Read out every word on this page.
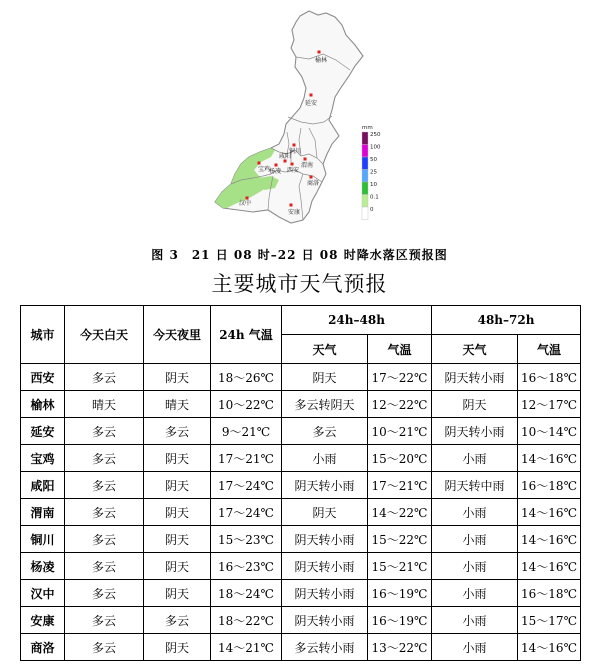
榆林
延安
铜川
宝鸡
咸阳
杨凌 西安
渭南
商洛
汉中
安康
mm
250
100
50
25
10
0.1
0
图 3　21 日 08 时–22 日 08 时降水落区预报图
主要城市天气预报
城市	今天白天	今天夜里	24h 气温	24h–48h		48h–72h	
				天气	气温	天气	气温
西安	多云	阴天	18～26℃	阴天	17～22℃	阴天转小雨	16～18℃
榆林	晴天	晴天	10～22℃	多云转阴天	12～22℃	阴天	12～17℃
延安	多云	多云	9～21℃	多云	10～21℃	阴天转小雨	10～14℃
宝鸡	多云	阴天	17～21℃	小雨	15～20℃	小雨	14～16℃
咸阳	多云	阴天	17～24℃	阴天转小雨	17～21℃	阴天转中雨	16～18℃
渭南	多云	阴天	17～24℃	阴天	14～22℃	小雨	14～16℃
铜川	多云	阴天	15～23℃	阴天转小雨	15～22℃	小雨	14～16℃
杨凌	多云	阴天	16～23℃	阴天转小雨	15～21℃	小雨	14～16℃
汉中	多云	阴天	18～24℃	阴天转小雨	16～19℃	小雨	16～18℃
安康	多云	多云	18～22℃	阴天转小雨	16～19℃	小雨	15～17℃
商洛	多云	阴天	14～21℃	多云转小雨	13～22℃	小雨	14～16℃
